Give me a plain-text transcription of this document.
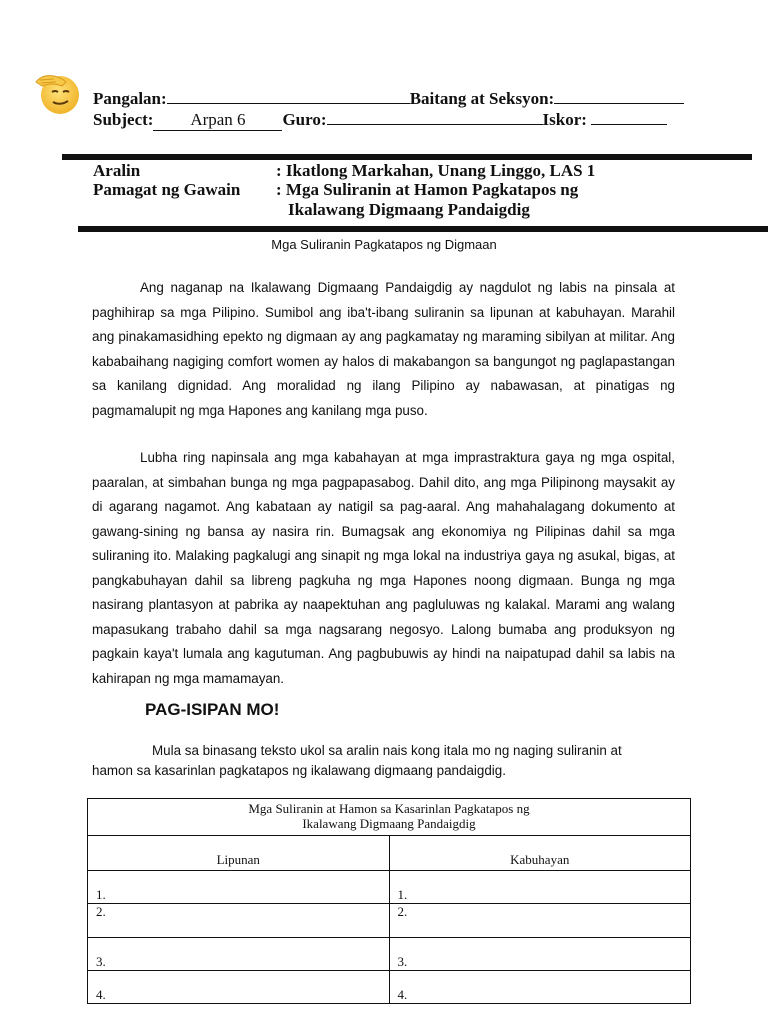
Pangalan:	Baitang at Seksyon:
Subject: Arpan 6 Guro:	Iskor:
Aralin	: Ikatlong Markahan, Unang Linggo, LAS 1
Pamagat ng Gawain : Mga Suliranin at Hamon Pagkatapos ng
Ikalawang Digmaang Pandaigdig
Mga Suliranin Pagkatapos ng Digmaan

Ang naganap na Ikalawang Digmaang Pandaigdig ay nagdulot ng labis na pinsala at paghihirap sa mga Pilipino. Sumibol ang iba't-ibang suliranin sa lipunan at kabuhayan. Marahil ang pinakamasidhing epekto ng digmaan ay ang pagkamatay ng maraming sibilyan at militar. Ang kababaihang nagiging comfort women ay halos di makabangon sa bangungot ng paglapastangan sa kanilang dignidad. Ang moralidad ng ilang Pilipino ay nabawasan, at pinatigas ng pagmamalupit ng mga Hapones ang kanilang mga puso.

Lubha ring napinsala ang mga kabahayan at mga imprastraktura gaya ng mga ospital, paaralan, at simbahan bunga ng mga pagpapasabog. Dahil dito, ang mga Pilipinong maysakit ay di agarang nagamot. Ang kabataan ay natigil sa pag-aaral. Ang mahahalagang dokumento at gawang-sining ng bansa ay nasira rin. Bumagsak ang ekonomiya ng Pilipinas dahil sa mga suliraning ito. Malaking pagkalugi ang sinapit ng mga lokal na industriya gaya ng asukal, bigas, at pangkabuhayan dahil sa libreng pagkuha ng mga Hapones noong digmaan. Bunga ng mga nasirang plantasyon at pabrika ay naapektuhan ang pagluluwas ng kalakal. Marami ang walang mapasukang trabaho dahil sa mga nagsarang negosyo. Lalong bumaba ang produksyon ng pagkain kaya't lumala ang kagutuman. Ang pagbubuwis ay hindi na naipatupad dahil sa labis na kahirapan ng mga mamamayan.

PAG-ISIPAN MO!
Mula sa binasang teksto ukol sa aralin nais kong itala mo ng naging suliranin at
hamon sa kasarinlan pagkatapos ng ikalawang digmaang pandaigdig.
Mga Suliranin at Hamon sa Kasarinlan Pagkatapos ng
Ikalawang Digmaang Pandaigdig	

Lipunan	Kabuhayan
1.	1.
2.	2.
3.	3.
4.	4.
